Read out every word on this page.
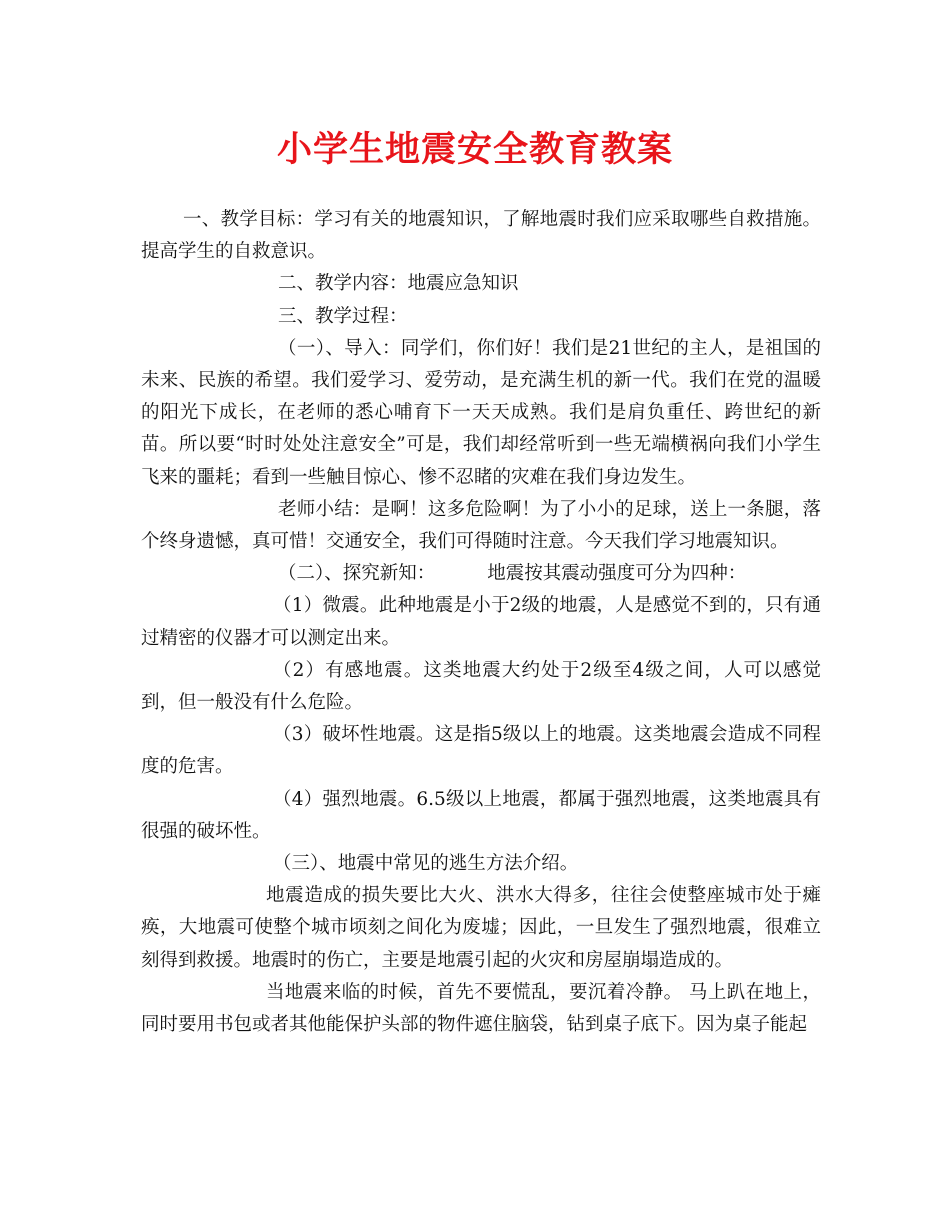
小学生地震安全教育教案

一、教学目标：学习有关的地震知识，了解地震时我们应采取哪些自救措施。提高学生的自救意识。

二、教学内容：地震应急知识

三、教学过程：

（一）、导入：同学们，你们好！我们是21世纪的主人，是祖国的未来、民族的希望。我们爱学习、爱劳动，是充满生机的新一代。我们在党的温暖的阳光下成长，在老师的悉心哺育下一天天成熟。我们是肩负重任、跨世纪的新苗。所以要“时时处处注意安全”可是，我们却经常听到一些无端横祸向我们小学生飞来的噩耗；看到一些触目惊心、惨不忍睹的灾难在我们身边发生。

老师小结：是啊！这多危险啊！为了小小的足球，送上一条腿，落个终身遗憾，真可惜！交通安全，我们可得随时注意。今天我们学习地震知识。

（二）、探究新知：	地震按其震动强度可分为四种：

（1）微震。此种地震是小于2级的地震，人是感觉不到的，只有通过精密的仪器才可以测定出来。

（2）有感地震。这类地震大约处于2级至4级之间，人可以感觉到，但一般没有什么危险。

（3）破坏性地震。这是指5级以上的地震。这类地震会造成不同程度的危害。

（4）强烈地震。6.5级以上地震，都属于强烈地震，这类地震具有很强的破坏性。

（三）、地震中常见的逃生方法介绍。

地震造成的损失要比大火、洪水大得多，往往会使整座城市处于瘫痪，大地震可使整个城市顷刻之间化为废墟；因此，一旦发生了强烈地震，很难立刻得到救援。地震时的伤亡，主要是地震引起的火灾和房屋崩塌造成的。

当地震来临的时候，首先不要慌乱，要沉着冷静。 马上趴在地上，同时要用书包或者其他能保护头部的物件遮住脑袋，钻到桌子底下。因为桌子能起
